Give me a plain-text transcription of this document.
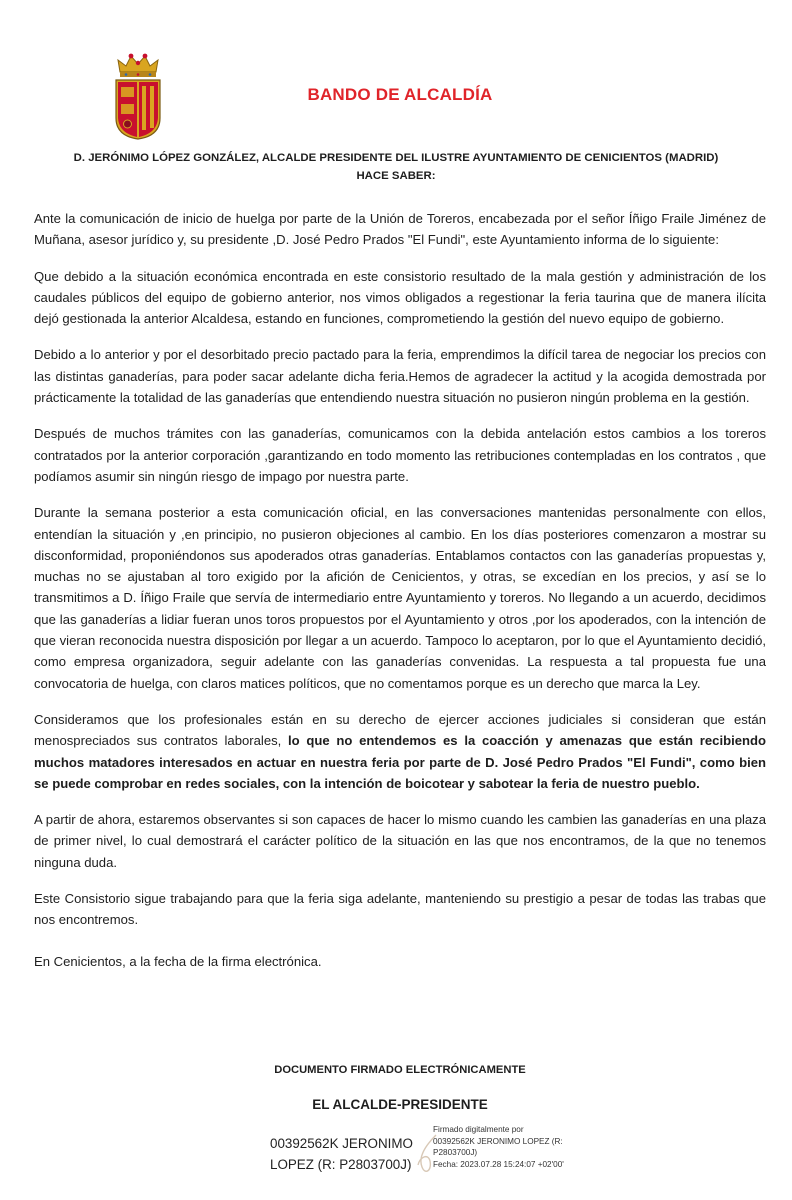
BANDO DE ALCALDÍA
D. JERÓNIMO LÓPEZ GONZÁLEZ, ALCALDE PRESIDENTE DEL ILUSTRE AYUNTAMIENTO DE CENICIENTOS (MADRID)
HACE SABER:

Ante la comunicación de inicio de huelga por parte de la Unión de Toreros, encabezada por el señor Íñigo Fraile Jiménez de Muñana, asesor jurídico y, su presidente ,D. José Pedro Prados "El Fundi", este Ayuntamiento informa de lo siguiente:

Que debido a la situación económica encontrada en este consistorio resultado de la mala gestión y administración de los caudales públicos del equipo de gobierno anterior, nos vimos obligados a regestionar la feria taurina que de manera ilícita dejó gestionada la anterior Alcaldesa, estando en funciones, comprometiendo la gestión del nuevo equipo de gobierno.

Debido a lo anterior y por el desorbitado precio pactado para la feria, emprendimos la difícil tarea de negociar los precios con las distintas ganaderías, para poder sacar adelante dicha feria.Hemos de agradecer la actitud y la acogida demostrada por prácticamente la totalidad de las ganaderías que entendiendo nuestra situación no pusieron ningún problema en la gestión.

Después de muchos trámites con las ganaderías, comunicamos con la debida antelación estos cambios a los toreros contratados por la anterior corporación ,garantizando en todo momento las retribuciones contempladas en los contratos , que podíamos asumir sin ningún riesgo de impago por nuestra parte.

Durante la semana posterior a esta comunicación oficial, en las conversaciones mantenidas personalmente con ellos, entendían la situación y ,en principio, no pusieron objeciones al cambio. En los días posteriores comenzaron a mostrar su disconformidad, proponiéndonos sus apoderados otras ganaderías. Entablamos contactos con las ganaderías propuestas y, muchas no se ajustaban al toro exigido por la afición de Cenicientos, y otras, se excedían en los precios, y así se lo transmitimos a D. Íñigo Fraile que servía de intermediario entre Ayuntamiento y toreros. No llegando a un acuerdo, decidimos que las ganaderías a lidiar fueran unos toros propuestos por el Ayuntamiento y otros ,por los apoderados, con la intención de que vieran reconocida nuestra disposición por llegar a un acuerdo. Tampoco lo aceptaron, por lo que el Ayuntamiento decidió, como empresa organizadora, seguir adelante con las ganaderías convenidas. La respuesta a tal propuesta fue una convocatoria de huelga, con claros matices políticos, que no comentamos porque es un derecho que marca la Ley.

Consideramos que los profesionales están en su derecho de ejercer acciones judiciales si consideran que están menospreciados sus contratos laborales, lo que no entendemos es la coacción y amenazas que están recibiendo muchos matadores interesados en actuar en nuestra feria por parte de D. José Pedro Prados "El Fundi", como bien se puede comprobar en redes sociales, con la intención de boicotear y sabotear la feria de nuestro pueblo.

A partir de ahora, estaremos observantes si son capaces de hacer lo mismo cuando les cambien las ganaderías en una plaza de primer nivel, lo cual demostrará el carácter político de la situación en las que nos encontramos, de la que no tenemos ninguna duda.

Este Consistorio sigue trabajando para que la feria siga adelante, manteniendo su prestigio a pesar de todas las trabas que nos encontremos.

En Cenicientos, a la fecha de la firma electrónica.

DOCUMENTO FIRMADO ELECTRÓNICAMENTE
EL ALCALDE-PRESIDENTE
00392562K JERONIMO
LOPEZ (R: P2803700J)
Firmado digitalmente por
00392562K JERONIMO LOPEZ (R:
P2803700J)
Fecha: 2023.07.28 15:24:07 +02'00'
